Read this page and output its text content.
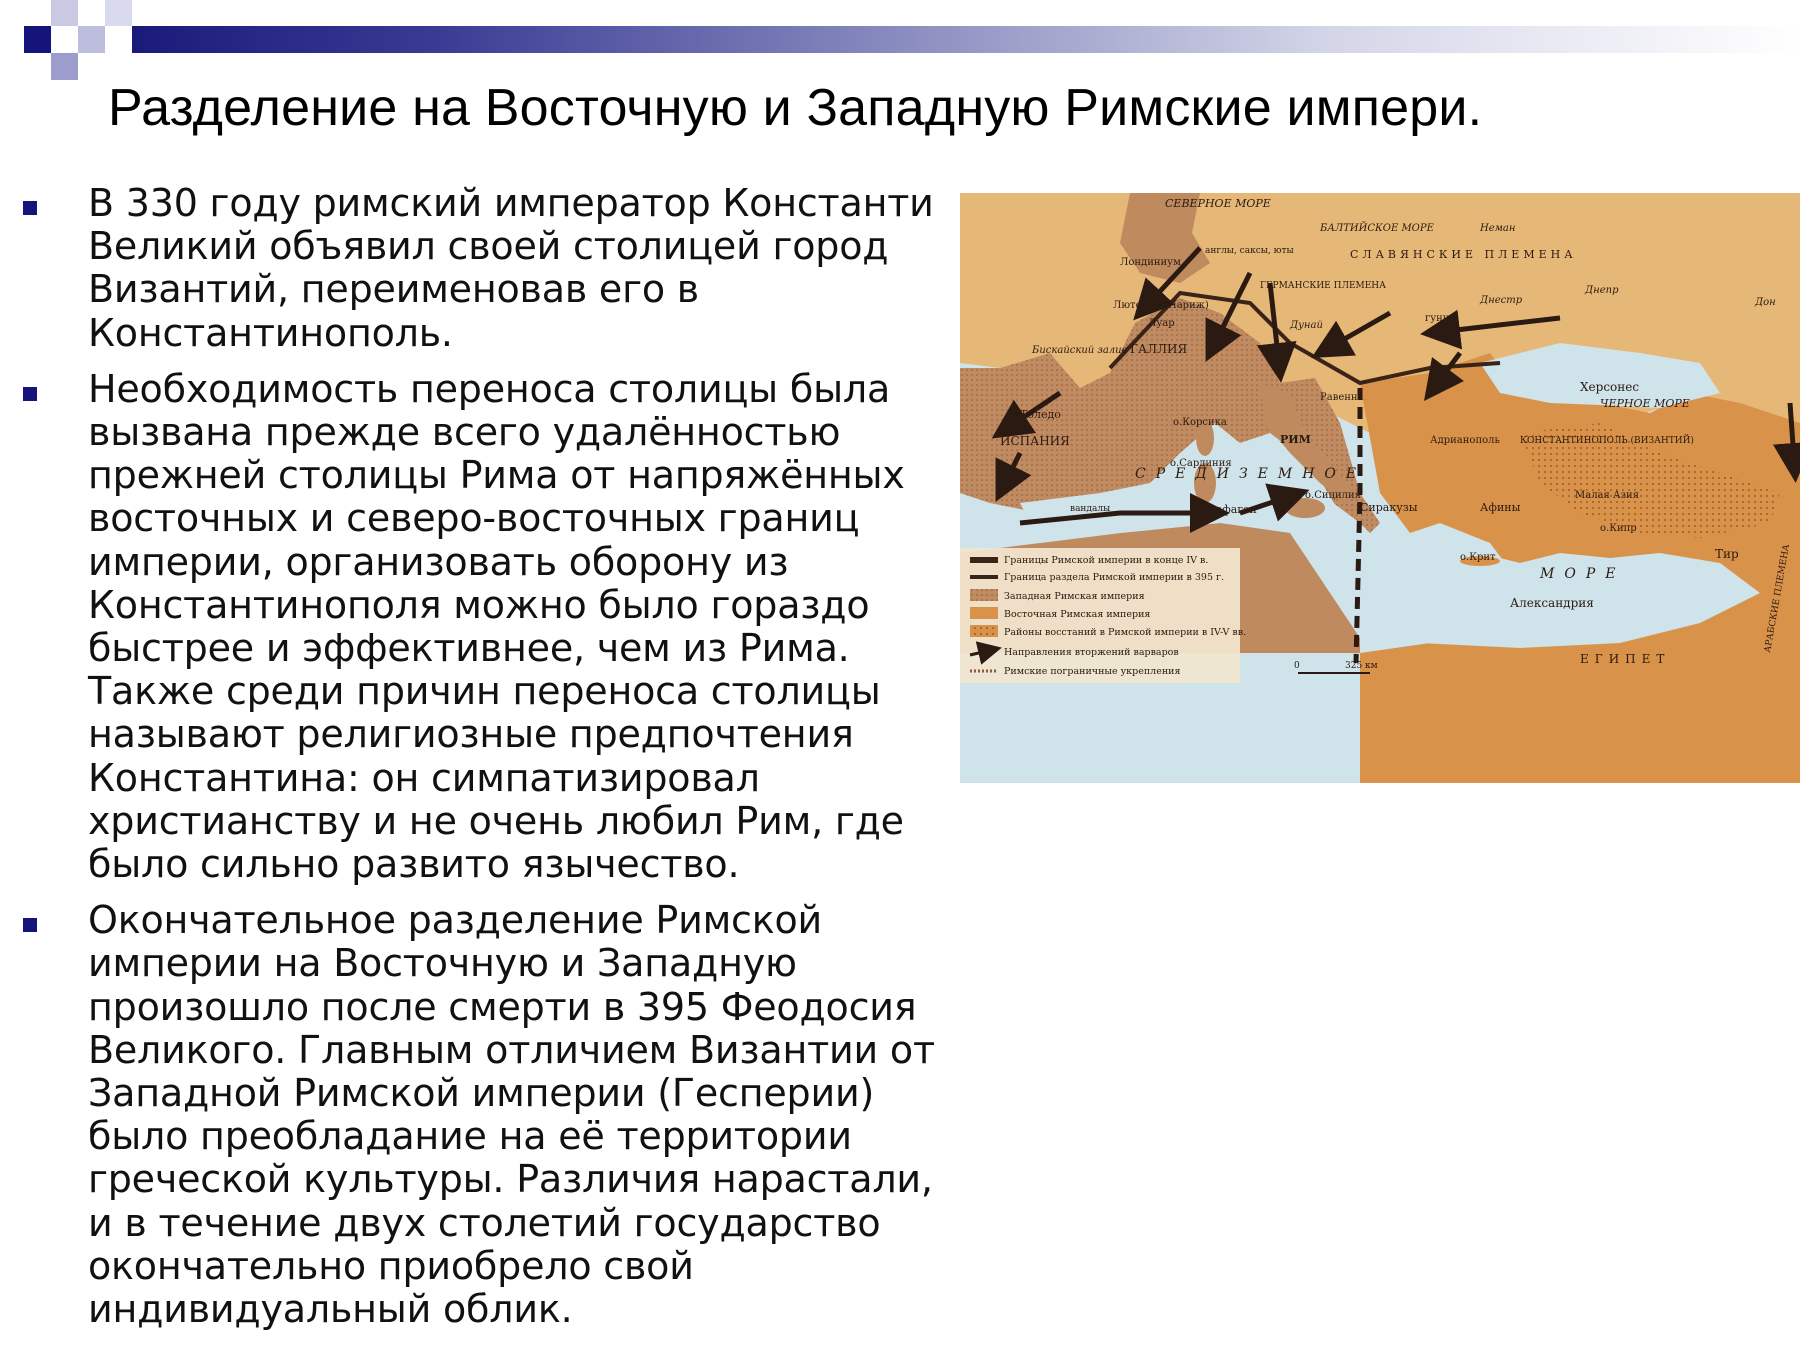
Разделение на Восточную и Западную Римские импери.
В 330 году римский император Константи
Великий объявил своей столицей город
Византий, переименовав его в
Константинополь.
Необходимость переноса столицы была
вызвана прежде всего удалённостью
прежней столицы Рима от напряжённых
восточных и северо-восточных границ
империи, организовать оборону из
Константинополя можно было гораздо
быстрее и эффективнее, чем из Рима.
Также среди причин переноса столицы
называют религиозные предпочтения
Константина: он симпатизировал
христианству и не очень любил Рим, где
было сильно развито язычество.
Окончательное разделение Римской
империи на Восточную и Западную
произошло после смерти в 395 Феодосия
Великого. Главным отличием Византии от
Западной Римской империи (Гесперии)
было преобладание на её территории
греческой культуры. Различия нарастали,
и в течение двух столетий государство
окончательно приобрело свой
индивидуальный облик.
СЕВЕРНОЕ МОРЕ
БАЛТИЙСКОЕ МОРЕ
англы, саксы, юты
Лондиниум
Лютеция (Париж)
Бискайский залив ГАЛЛИЯ
Луар
Толедо
ИСПАНИЯ
о.Корсика
о.Сардиния
о.Сицилия
РИМ
Равенна
Карфаген	Сиракузы	Афины
Адрианополь КОНСТАНТИНОПОЛЬ (ВИЗАНТИЙ)
Херсонес
ЧЕРНОЕ МОРЕ
Малая Азия
о.Кипр
о.Крит	Тир
Александрия
ЕГИПЕТ
СРЕДИЗЕМНОЕ
МОРЕ
СЛАВЯНСКИЕ ПЛЕМЕНА
ГЕРМАНСКИЕ ПЛЕМЕНА
гунны
Днепр
Днестр
Неман
Дон
Дунай
вандалы
АРАБСКИЕ ПЛЕМЕНА
Границы Римской империи в конце IV в.
Граница раздела Римской империи в 395 г.
Западная Римская империя
Восточная Римская империя
Районы восстаний в Римской империи в IV-V вв.
Направления вторжений варваров
Римские пограничные укрепления	0	325 км
